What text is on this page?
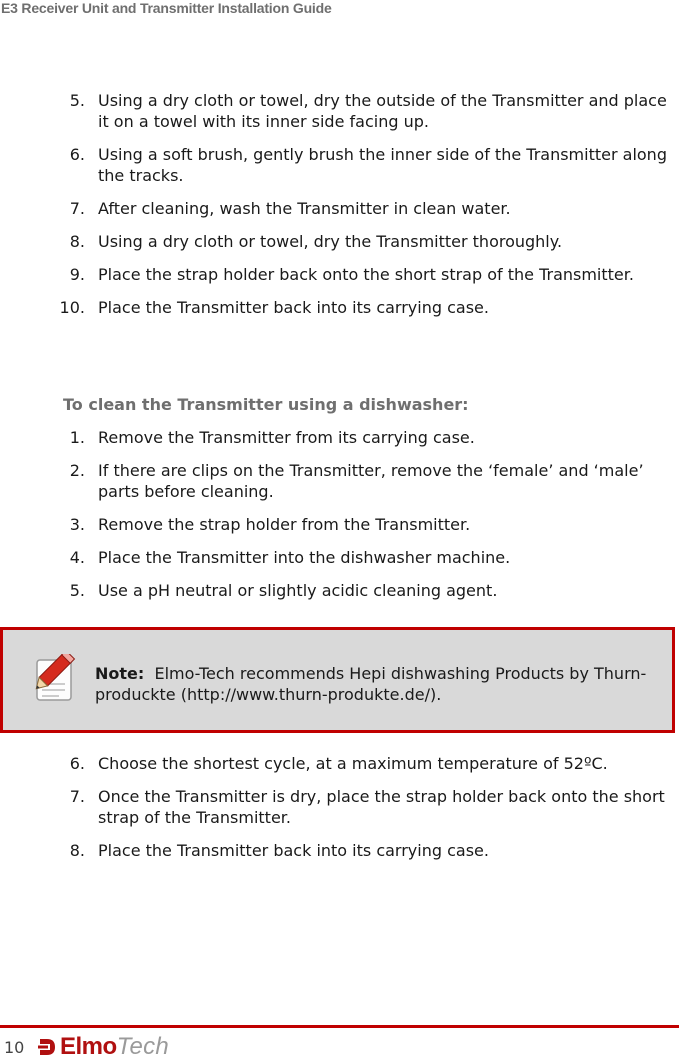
E3 Receiver Unit and Transmitter Installation Guide
5. Using a dry cloth or towel, dry the outside of the Transmitter and place it on a towel with its inner side facing up.
6. Using a soft brush, gently brush the inner side of the Transmitter along the tracks.
7. After cleaning, wash the Transmitter in clean water.
8. Using a dry cloth or towel, dry the Transmitter thoroughly.
9. Place the strap holder back onto the short strap of the Transmitter.
10. Place the Transmitter back into its carrying case.
To clean the Transmitter using a dishwasher:
1. Remove the Transmitter from its carrying case.
2. If there are clips on the Transmitter, remove the ‘female’ and ‘male’ parts before cleaning.
3. Remove the strap holder from the Transmitter.
4. Place the Transmitter into the dishwasher machine.
5. Use a pH neutral or slightly acidic cleaning agent.
Note: Elmo-Tech recommends Hepi dishwashing Products by Thurn-produckte (http://www.thurn-produkte.de/).
6. Choose the shortest cycle, at a maximum temperature of 52ºC.
7. Once the Transmitter is dry, place the strap holder back onto the short strap of the Transmitter.
8. Place the Transmitter back into its carrying case.
10 Elmo Tech
